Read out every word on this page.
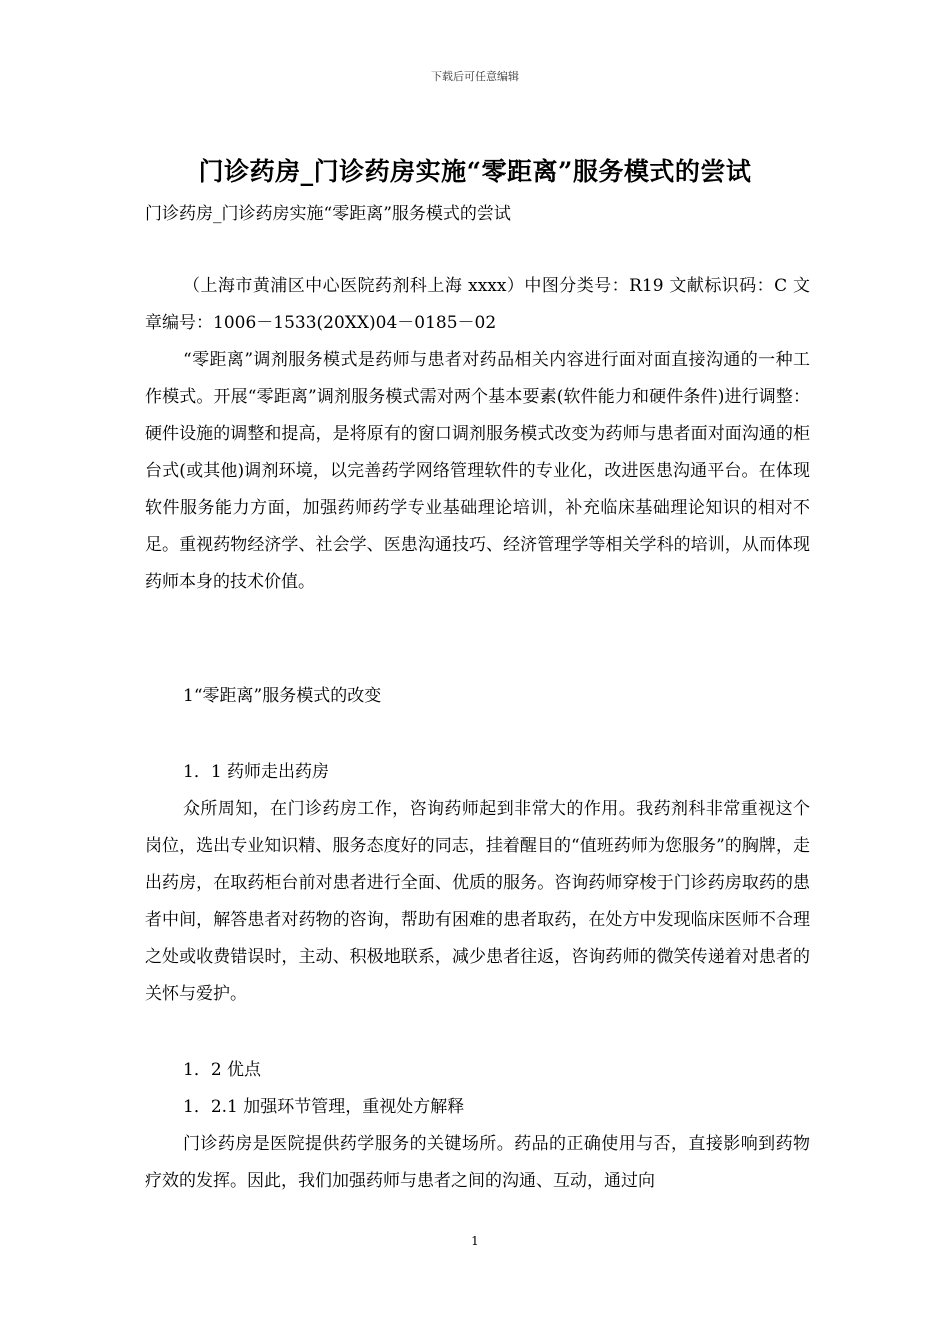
下载后可任意编辑
门诊药房_门诊药房实施“零距离”服务模式的尝试
门诊药房_门诊药房实施“零距离”服务模式的尝试

（上海市黄浦区中心医院药剂科上海 xxxx）中图分类号：R19 文献标识码：C 文章编号：1006－1533(20XX)04－0185－02

“零距离”调剂服务模式是药师与患者对药品相关内容进行面对面直接沟通的一种工作模式。开展“零距离”调剂服务模式需对两个基本要素(软件能力和硬件条件)进行调整：硬件设施的调整和提高，是将原有的窗口调剂服务模式改变为药师与患者面对面沟通的柜台式(或其他)调剂环境，以完善药学网络管理软件的专业化，改进医患沟通平台。在体现软件服务能力方面，加强药师药学专业基础理论培训，补充临床基础理论知识的相对不足。重视药物经济学、社会学、医患沟通技巧、经济管理学等相关学科的培训，从而体现药师本身的技术价值。

1“零距离”服务模式的改变

1．1 药师走出药房

众所周知，在门诊药房工作，咨询药师起到非常大的作用。我药剂科非常重视这个岗位，选出专业知识精、服务态度好的同志，挂着醒目的“值班药师为您服务”的胸牌，走出药房，在取药柜台前对患者进行全面、优质的服务。咨询药师穿梭于门诊药房取药的患者中间，解答患者对药物的咨询，帮助有困难的患者取药，在处方中发现临床医师不合理之处或收费错误时，主动、积极地联系，减少患者往返，咨询药师的微笑传递着对患者的关怀与爱护。

1．2 优点

1．2.1 加强环节管理，重视处方解释

门诊药房是医院提供药学服务的关键场所。药品的正确使用与否，直接影响到药物疗效的发挥。因此，我们加强药师与患者之间的沟通、互动，通过向

1
